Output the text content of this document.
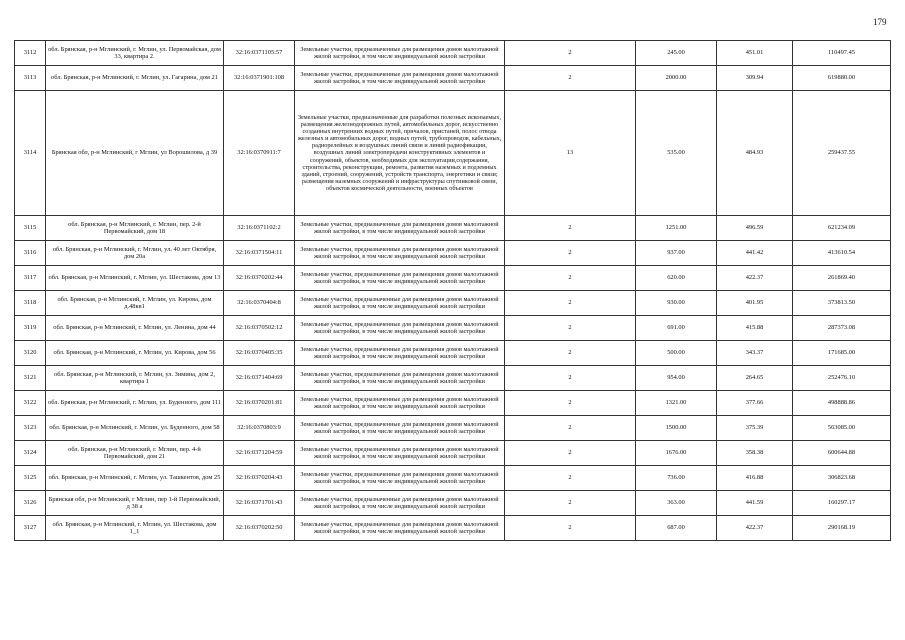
179
3112	обл. Брянская, р-н Мглинский, г. Мглин, ул. Первомайская, дом 33, квартира 2.	32:16:0371105:57	Земельные участки, предназначенные для размещения домов малоэтажной жилой застройки, в том числе индивидуальной жилой застройки	2	245.00	451.01	110497.45
3113	обл. Брянская, р-н Мглинский, г. Мглин, ул. Гагарина, дом 21	32:16:0371901:108	Земельные участки, предназначенные для размещения домов малоэтажной жилой застройки, в том числе индивидуальной жилой застройки	2	2000.00	309.94	619880.00
3114	Брянская обл, р-н Мглинский, г Мглин, ул Ворошилова, д 39	32:16:0370911:7	Земельные участки, предназначенные для разработки полезных ископаемых, размещения железнодорожных путей, автомобильных дорог, искусственно созданных внутренних водных путей, причалов, пристаней, полос отвода железных и автомобильных дорог, водных путей, трубопроводов, кабельных, радиорелейных и воздушных линий связи и линий радиофикации, воздушных линий электропередачи конструктивных элементов и сооружений, объектов, необходимых для эксплуатации,содержания, строительства, реконструкции, ремонта, развития наземных и подземных зданий, строений, сооружений, устройств транспорта, энергетики и связи; размещения наземных сооружений и инфраструктуры спутниковой связи, объектов космической деятельности, военных объектов	13	535.00	484.93	259437.55
3115	обл. Брянская, р-н Мглинский, г. Мглин, пер. 2-й Первомайский, дом 18	32:16:0371102:2	Земельные участки, предназначенные для размещения домов малоэтажной жилой застройки, в том числе индивидуальной жилой застройки	2	1251.00	496.59	621234.09
3116	обл. Брянская, р-н Мглинский, г. Мглин, ул. 40 лет Октября, дом 20а	32:16:0371504:11	Земельные участки, предназначенные для размещения домов малоэтажной жилой застройки, в том числе индивидуальной жилой застройки	2	937.00	441.42	413610.54
3117	обл. Брянская, р-н Мглинский, г. Мглин, ул. Шестакова, дом 13	32:16:0370202:44	Земельные участки, предназначенные для размещения домов малоэтажной жилой застройки, в том числе индивидуальной жилой застройки	2	620.00	422.37	261869.40
3118	обл. Брянская, р-н Мглинский, г. Мглин, ул. Кирова, дом д.48кв1	32:16:0370404:8	Земельные участки, предназначенные для размещения домов малоэтажной жилой застройки, в том числе индивидуальной жилой застройки	2	930.00	401.95	373813.50
3119	обл. Брянская, р-н Мглинский, г. Мглин, ул. Ленина, дом 44	32:16:0370502:12	Земельные участки, предназначенные для размещения домов малоэтажной жилой застройки, в том числе индивидуальной жилой застройки	2	691.00	415.88	287373.08
3120	обл. Брянская, р-н Мглинский, г. Мглин, ул. Кирова, дом 56	32:16:0370405:35	Земельные участки, предназначенные для размещения домов малоэтажной жилой застройки, в том числе индивидуальной жилой застройки	2	500.00	343.37	171685.00
3121	обл. Брянская, р-н Мглинский, г. Мглин, ул. Зимина, дом 2, квартира 1	32:16:0371404:69	Земельные участки, предназначенные для размещения домов малоэтажной жилой застройки, в том числе индивидуальной жилой застройки	2	954.00	264.65	252476.10
3122	обл. Брянская, р-н Мглинский, г. Мглин, ул. Буденного, дом 111	32:16:0370201:81	Земельные участки, предназначенные для размещения домов малоэтажной жилой застройки, в том числе индивидуальной жилой застройки	2	1321.00	377.66	498888.86
3123	обл. Брянская, р-н Мглинский, г. Мглин, ул. Буденного, дом 58	32:16:0370803:9	Земельные участки, предназначенные для размещения домов малоэтажной жилой застройки, в том числе индивидуальной жилой застройки	2	1500.00	375.39	563085.00
3124	обл. Брянская, р-н Мглинский, г. Мглин, пер. 4-й Первомайский, дом 21	32:16:0371204:59	Земельные участки, предназначенные для размещения домов малоэтажной жилой застройки, в том числе индивидуальной жилой застройки	2	1676.00	358.38	600644.88
3125	обл. Брянская, р-н Мглинский, г. Мглин, ул. Ташкентов, дом 25	32:16:0370204:43	Земельные участки, предназначенные для размещения домов малоэтажной жилой застройки, в том числе индивидуальной жилой застройки	2	736.00	416.88	306823.68
3126	Брянская обл, р-н Мглинский, г Мглин, пер 1-й Первомайский, д 38 а	32:16:0371701:43	Земельные участки, предназначенные для размещения домов малоэтажной жилой застройки, в том числе индивидуальной жилой застройки	2	363.00	441.59	160297.17
3127	обл. Брянская, р-н Мглинский, г. Мглин, ул. Шестакова, дом 1_1	32:16:0370202:50	Земельные участки, предназначенные для размещения домов малоэтажной жилой застройки, в том числе индивидуальной жилой застройки	2	687.00	422.37	290168.19
